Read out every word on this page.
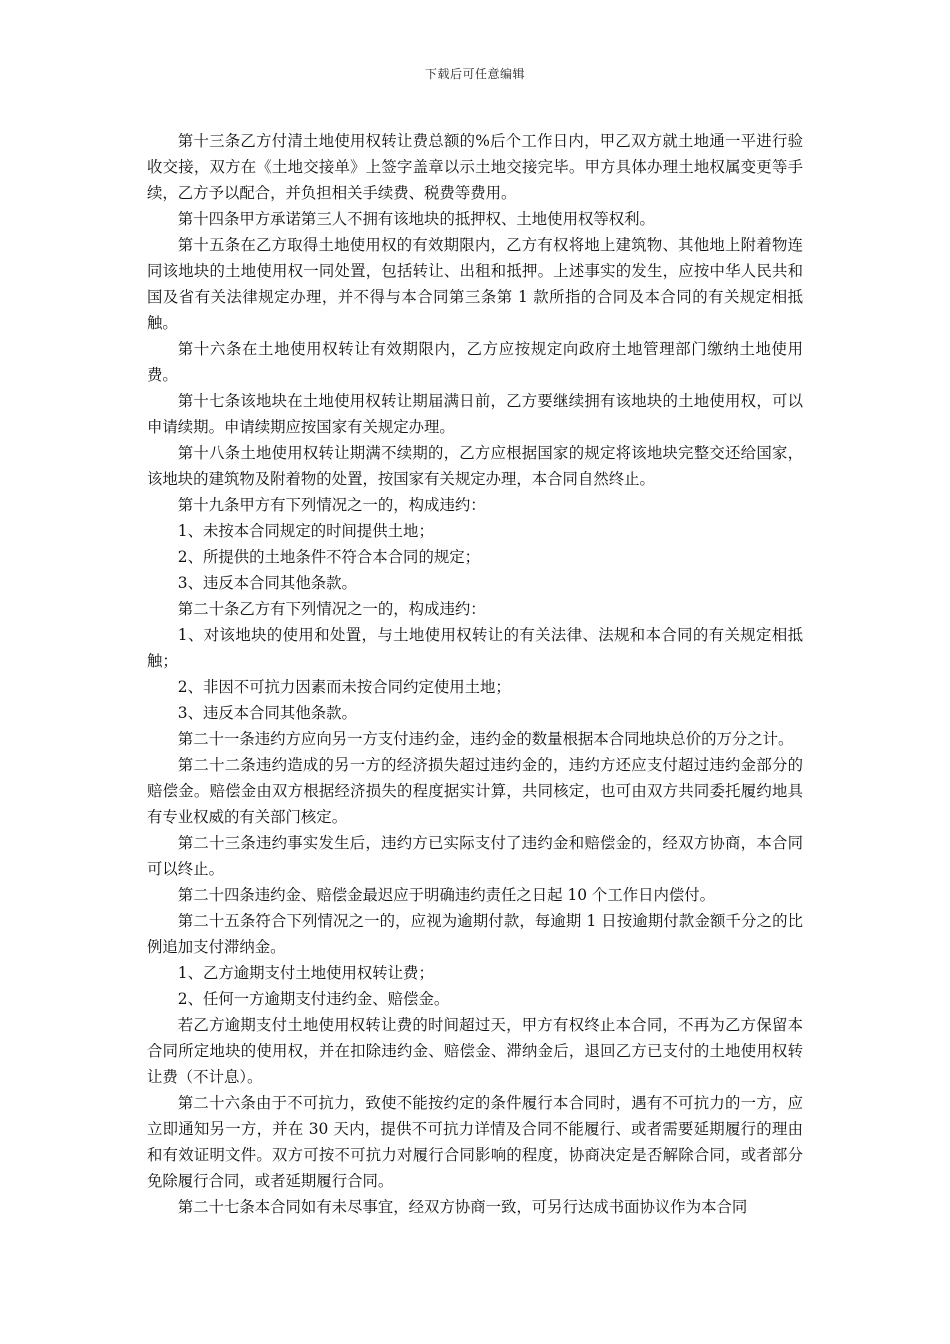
下载后可任意编辑

第十三条乙方付清土地使用权转让费总额的%后个工作日内，甲乙双方就土地通一平进行验收交接，双方在《土地交接单》上签字盖章以示土地交接完毕。甲方具体办理土地权属变更等手续，乙方予以配合，并负担相关手续费、税费等费用。

第十四条甲方承诺第三人不拥有该地块的抵押权、土地使用权等权利。

第十五条在乙方取得土地使用权的有效期限内，乙方有权将地上建筑物、其他地上附着物连同该地块的土地使用权一同处置，包括转让、出租和抵押。上述事实的发生，应按中华人民共和国及省有关法律规定办理，并不得与本合同第三条第 1 款所指的合同及本合同的有关规定相抵触。

第十六条在土地使用权转让有效期限内，乙方应按规定向政府土地管理部门缴纳土地使用费。

第十七条该地块在土地使用权转让期届满日前，乙方要继续拥有该地块的土地使用权，可以申请续期。申请续期应按国家有关规定办理。

第十八条土地使用权转让期满不续期的，乙方应根据国家的规定将该地块完整交还给国家，该地块的建筑物及附着物的处置，按国家有关规定办理，本合同自然终止。

第十九条甲方有下列情况之一的，构成违约：

1、未按本合同规定的时间提供土地；

2、所提供的土地条件不符合本合同的规定；

3、违反本合同其他条款。

第二十条乙方有下列情况之一的，构成违约：

1、对该地块的使用和处置，与土地使用权转让的有关法律、法规和本合同的有关规定相抵触；

2、非因不可抗力因素而未按合同约定使用土地；

3、违反本合同其他条款。

第二十一条违约方应向另一方支付违约金，违约金的数量根据本合同地块总价的万分之计。

第二十二条违约造成的另一方的经济损失超过违约金的，违约方还应支付超过违约金部分的赔偿金。赔偿金由双方根据经济损失的程度据实计算，共同核定，也可由双方共同委托履约地具有专业权威的有关部门核定。

第二十三条违约事实发生后，违约方已实际支付了违约金和赔偿金的，经双方协商，本合同可以终止。

第二十四条违约金、赔偿金最迟应于明确违约责任之日起 10 个工作日内偿付。

第二十五条符合下列情况之一的，应视为逾期付款，每逾期 1 日按逾期付款金额千分之的比例追加支付滞纳金。

1、乙方逾期支付土地使用权转让费；

2、任何一方逾期支付违约金、赔偿金。

若乙方逾期支付土地使用权转让费的时间超过天，甲方有权终止本合同，不再为乙方保留本合同所定地块的使用权，并在扣除违约金、赔偿金、滞纳金后，退回乙方已支付的土地使用权转让费（不计息）。

第二十六条由于不可抗力，致使不能按约定的条件履行本合同时，遇有不可抗力的一方，应立即通知另一方，并在 30 天内，提供不可抗力详情及合同不能履行、或者需要延期履行的理由和有效证明文件。双方可按不可抗力对履行合同影响的程度，协商决定是否解除合同，或者部分免除履行合同，或者延期履行合同。

第二十七条本合同如有未尽事宜，经双方协商一致，可另行达成书面协议作为本合同
